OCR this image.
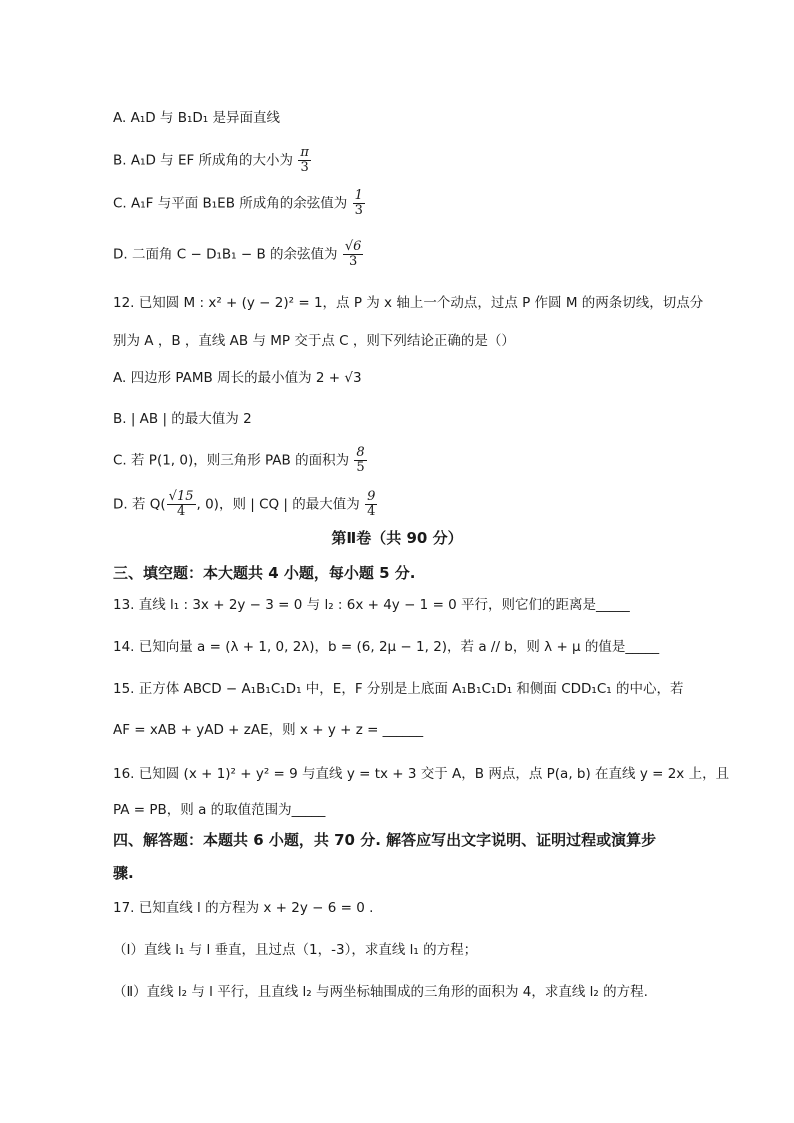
A. A₁D 与 B₁D₁ 是异面直线
B. A₁D 与 EF 所成角的大小为 $\frac{\pi}{3}$
C. A₁F 与平面 B₁EB 所成角的余弦值为 $\frac{1}{3}$
D. 二面角 C − D₁B₁ − B 的余弦值为 $\frac{√6}{3}$
12. 已知圆 M : x² + (y − 2)² = 1，点 P 为 x 轴上一个动点，过点 P 作圆 M 的两条切线，切点分
别为 A ，B ，直线 AB 与 MP 交于点 C ，则下列结论正确的是（）
A. 四边形 PAMB 周长的最小值为 2 + √3
B. | AB | 的最大值为 2
C. 若 P(1, 0)，则三角形 PAB 的面积为 $\frac{8}{5}$
D. 若 $Q( \frac{√15}{4}$ , 0)，则 | CQ | 的最大值为 $\frac{9}{4}$
第Ⅱ卷（共 90 分）
三、填空题：本大题共 4 小题，每小题 5 分.
13. 直线 l₁ : 3x + 2y − 3 = 0 与 l₂ : 6x + 4y − 1 = 0 平行，则它们的距离是_____
14. 已知向量 a = (λ + 1, 0, 2λ)，b = (6, 2μ − 1, 2)，若 a // b，则 λ + μ 的值是_____
15. 正方体 ABCD − A₁B₁C₁D₁ 中，E，F 分别是上底面 A₁B₁C₁D₁ 和侧面 CDD₁C₁ 的中心，若
AF = xAB + yAD + zAE，则 x + y + z = ______
16. 已知圆 (x + 1)² + y² = 9 与直线 y = tx + 3 交于 A，B 两点，点 P(a, b) 在直线 y = 2x 上，且
PA = PB，则 a 的取值范围为_____
四、解答题：本题共 6 小题，共 70 分. 解答应写出文字说明、证明过程或演算步
骤.
17. 已知直线 l 的方程为 x + 2y − 6 = 0 .
（Ⅰ）直线 l₁ 与 l 垂直，且过点（1，-3），求直线 l₁ 的方程；
（Ⅱ）直线 l₂ 与 l 平行，且直线 l₂ 与两坐标轴围成的三角形的面积为 4，求直线 l₂ 的方程.
